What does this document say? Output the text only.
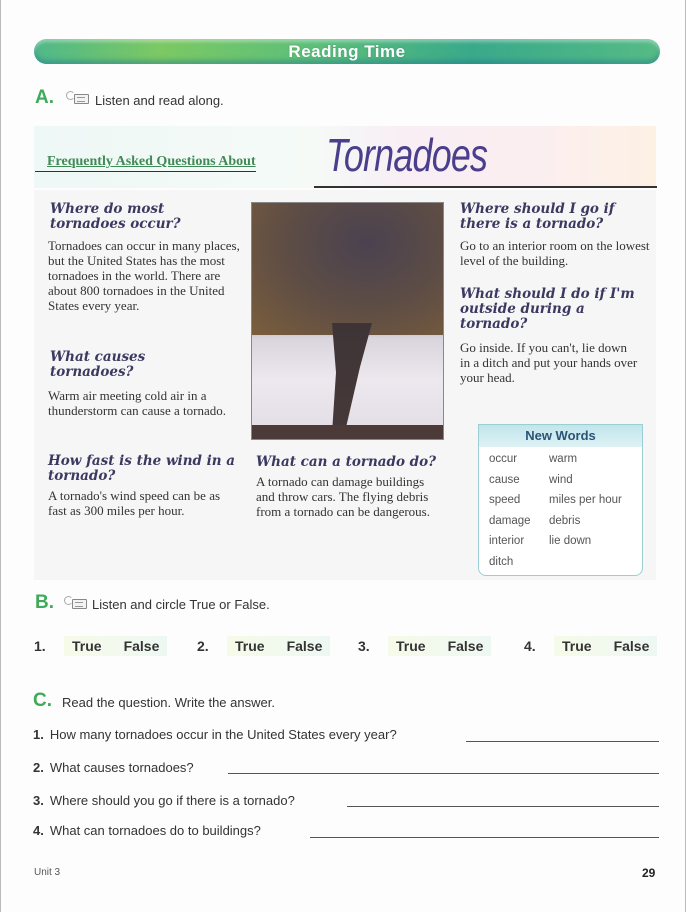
Reading Time
A.	Listen and read along.
Frequently Asked Questions About Tornadoes
Where do most tornadoes occur?
Tornadoes can occur in many places, but the United States has the most tornadoes in the world. There are about 800 tornadoes in the United States every year.
What causes tornadoes?
Warm air meeting cold air in a thunderstorm can cause a tornado.
How fast is the wind in a tornado?
A tornado's wind speed can be as fast as 300 miles per hour.
What can a tornado do?
A tornado can damage buildings and throw cars. The flying debris from a tornado can be dangerous.
Where should I go if there is a tornado?
Go to an interior room on the lowest level of the building.
What should I do if I'm outside during a tornado?
Go inside. If you can't, lie down in a ditch and put your hands over your head.
New Words
occur	warm
cause	wind
speed	miles per hour
damage	debris
interior	lie down
ditch
B.	Listen and circle True or False.
1.	True False	2.	True False	3.	True False	4.	True False
C. Read the question. Write the answer.
1. How many tornadoes occur in the United States every year?
2. What causes tornadoes?
3. Where should you go if there is a tornado?
4. What can tornadoes do to buildings?
Unit 3	29
